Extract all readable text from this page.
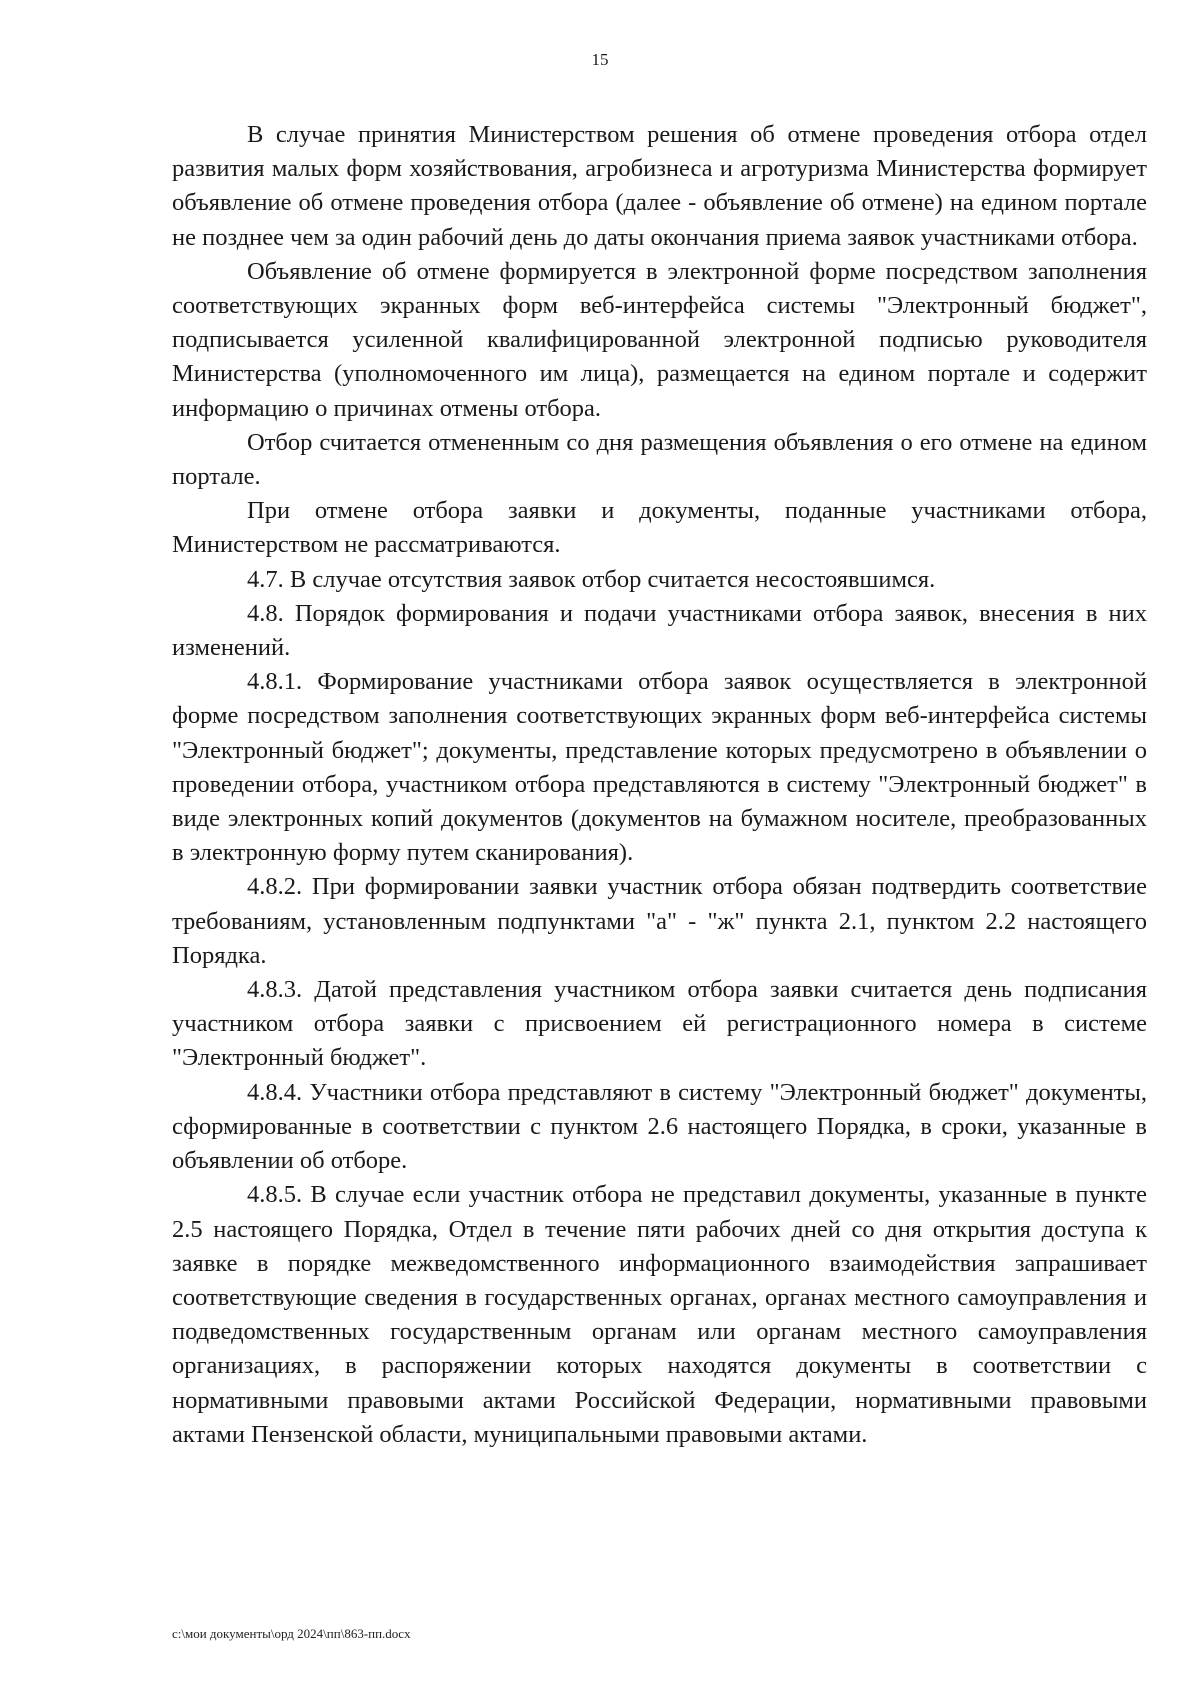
15

В случае принятия Министерством решения об отмене проведения отбора отдел развития малых форм хозяйствования, агробизнеса и агротуризма Министерства формирует объявление об отмене проведения отбора (далее - объявление об отмене) на едином портале не позднее чем за один рабочий день до даты окончания приема заявок участниками отбора.

Объявление об отмене формируется в электронной форме посредством заполнения соответствующих экранных форм веб-интерфейса системы "Электронный бюджет", подписывается усиленной квалифицированной электронной подписью руководителя Министерства (уполномоченного им лица), размещается на едином портале и содержит информацию о причинах отмены отбора.

Отбор считается отмененным со дня размещения объявления о его отмене на едином портале.

При отмене отбора заявки и документы, поданные участниками отбора, Министерством не рассматриваются.

4.7. В случае отсутствия заявок отбор считается несостоявшимся.

4.8. Порядок формирования и подачи участниками отбора заявок, внесения в них изменений.

4.8.1. Формирование участниками отбора заявок осуществляется в электронной форме посредством заполнения соответствующих экранных форм веб-интерфейса системы "Электронный бюджет"; документы, представление которых предусмотрено в объявлении о проведении отбора, участником отбора представляются в систему "Электронный бюджет" в виде электронных копий документов (документов на бумажном носителе, преобразованных в электронную форму путем сканирования).

4.8.2. При формировании заявки участник отбора обязан подтвердить соответствие требованиям, установленным подпунктами "а" - "ж" пункта 2.1, пунктом 2.2 настоящего Порядка.

4.8.3. Датой представления участником отбора заявки считается день подписания участником отбора заявки с присвоением ей регистрационного номера в системе "Электронный бюджет".

4.8.4. Участники отбора представляют в систему "Электронный бюджет" документы, сформированные в соответствии с пунктом 2.6 настоящего Порядка, в сроки, указанные в объявлении об отборе.

4.8.5. В случае если участник отбора не представил документы, указанные в пункте 2.5 настоящего Порядка, Отдел в течение пяти рабочих дней со дня открытия доступа к заявке в порядке межведомственного информационного взаимодействия запрашивает соответствующие сведения в государственных органах, органах местного самоуправления и подведомственных государственным органам или органам местного самоуправления организациях, в распоряжении которых находятся документы в соответствии с нормативными правовыми актами Российской Федерации, нормативными правовыми актами Пензенской области, муниципальными правовыми актами.

c:\мои документы\орд 2024\пп\863-пп.docx
